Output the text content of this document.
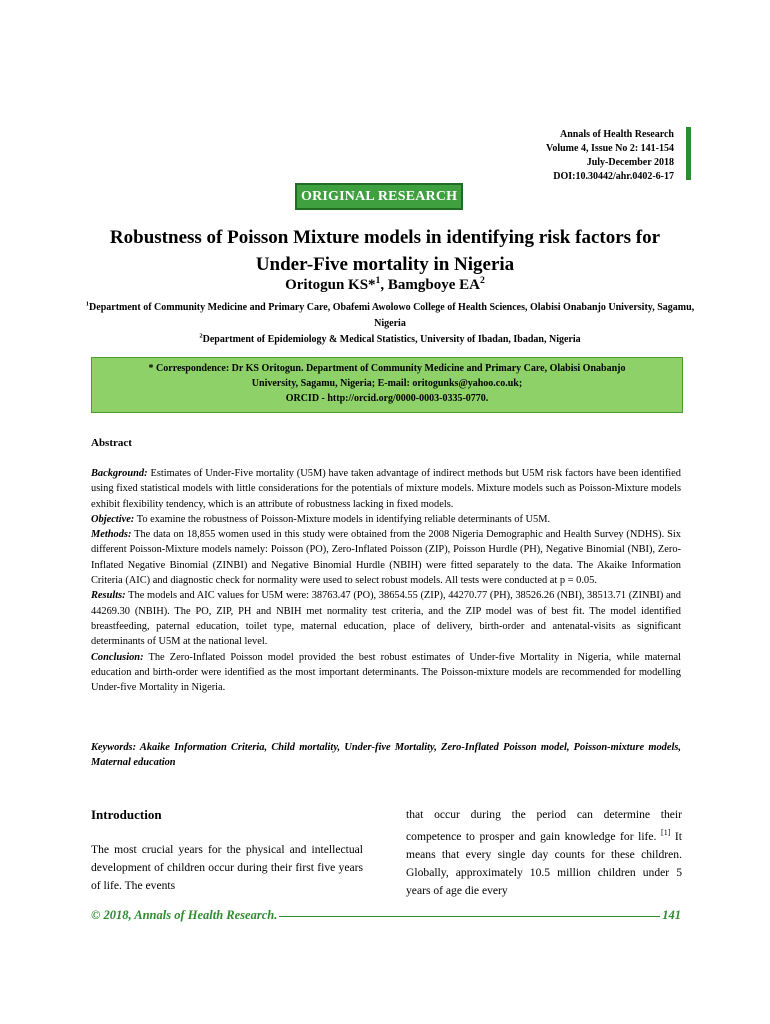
Annals of Health Research
Volume 4, Issue No 2: 141-154
July-December 2018
DOI:10.30442/ahr.0402-6-17
ORIGINAL RESEARCH
Robustness of Poisson Mixture models in identifying risk factors for Under-Five mortality in Nigeria
Oritogun KS*$^1$, Bamgboye $EA^2$
$^1$Department of Community Medicine and Primary Care, Obafemi Awolowo College of Health Sciences, Olabisi Onabanjo University, Sagamu, Nigeria
$^2$Department of Epidemiology & Medical Statistics, University of Ibadan, Ibadan, Nigeria
* Correspondence: Dr KS Oritogun. Department of Community Medicine and Primary Care, Olabisi Onabanjo
University, Sagamu, Nigeria; E-mail: oritogunks@yahoo.co.uk;
ORCID - http://orcid.org/0000-0003-0335-0770.
Abstract

Background: Estimates of Under-Five mortality (U5M) have taken advantage of indirect methods but U5M risk factors have been identified using fixed statistical models with little considerations for the potentials of mixture models. Mixture models such as Poisson-Mixture models exhibit flexibility tendency, which is an attribute of robustness lacking in fixed models.

Objective: To examine the robustness of Poisson-Mixture models in identifying reliable determinants of U5M.

Methods: The data on 18,855 women used in this study were obtained from the 2008 Nigeria Demographic and Health Survey (NDHS). Six different Poisson-Mixture models namely: Poisson (PO), Zero-Inflated Poisson (ZIP), Poisson Hurdle (PH), Negative Binomial (NBI), Zero-Inflated Negative Binomial (ZINBI) and Negative Binomial Hurdle (NBIH) were fitted separately to the data. The Akaike Information Criteria (AIC) and diagnostic check for normality were used to select robust models. All tests were conducted at p = 0.05.

Results: The models and AIC values for U5M were: 38763.47 (PO), 38654.55 (ZIP), 44270.77 (PH), 38526.26 (NBI), 38513.71 (ZINBI) and 44269.30 (NBIH). The PO, ZIP, PH and NBIH met normality test criteria, and the ZIP model was of best fit. The model identified breastfeeding, paternal education, toilet type, maternal education, place of delivery, birth-order and antenatal-visits as significant determinants of U5M at the national level.

Conclusion: The Zero-Inflated Poisson model provided the best robust estimates of Under-five Mortality in Nigeria, while maternal education and birth-order were identified as the most important determinants. The Poisson-mixture models are recommended for modelling Under-five Mortality in Nigeria.

Keywords: Akaike Information Criteria, Child mortality, Under-five Mortality, Zero-Inflated Poisson model, Poisson-mixture models, Maternal education
Introduction
The most crucial years for the physical and intellectual development of children occur during their first five years of life. The events
that occur during the period can determine their competence to prosper and gain knowledge for life. [1] It means that every single day counts for these children. Globally, approximately 10.5 million children under 5 years of age die every
© 2018, Annals of Health Research.	141
